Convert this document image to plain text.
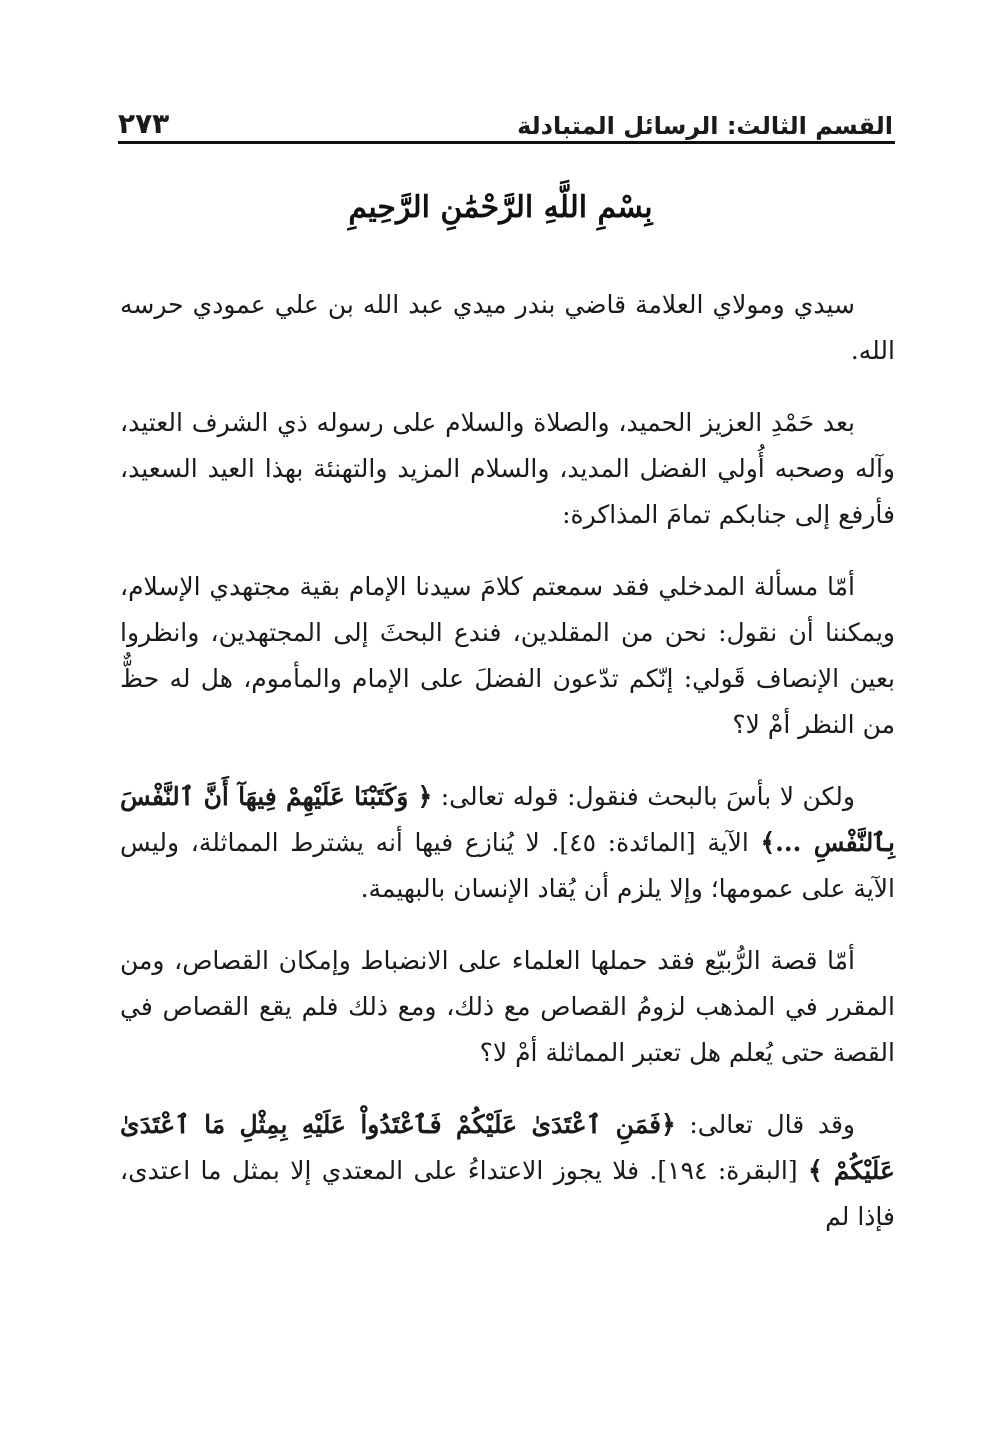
القسم الثالث: الرسائل المتبادلة
٢٧٣
بِسْمِ اللَّهِ الرَّحْمَٰنِ الرَّحِيمِ

سيدي ومولاي العلامة قاضي بندر ميدي عبد الله بن علي عمودي حرسه الله.

بعد حَمْدِ العزيز الحميد، والصلاة والسلام على رسوله ذي الشرف العتيد، وآله وصحبه أُولي الفضل المديد، والسلام المزيد والتهنئة بهذا العيد السعيد، فأرفع إلى جنابكم تمامَ المذاكرة:

أمّا مسألة المدخلي فقد سمعتم كلامَ سيدنا الإمام بقية مجتهدي الإسلام، ويمكننا أن نقول: نحن من المقلدين، فندع البحثَ إلى المجتهدين، وانظروا بعين الإنصاف قَولي: إنّكم تدّعون الفضلَ على الإمام والمأموم، هل له حظٌّ من النظر أمْ لا؟

ولكن لا بأسَ بالبحث فنقول: قوله تعالى: ﴿ وَكَتَبْنَا عَلَيْهِمْ فِيهَآ أَنَّ ٱلنَّفْسَ بِٱلنَّفْسِ ...﴾ الآية [المائدة: ٤٥]. لا يُنازع فيها أنه يشترط المماثلة، وليس الآية على عمومها؛ وإلا يلزم أن يُقاد الإنسان بالبهيمة.

أمّا قصة الرُّبيّع فقد حملها العلماء على الانضباط وإمكان القصاص، ومن المقرر في المذهب لزومُ القصاص مع ذلك، ومع ذلك فلم يقع القصاص في القصة حتى يُعلم هل تعتبر المماثلة أمْ لا؟

وقد قال تعالى: ﴿فَمَنِ ٱعْتَدَىٰ عَلَيْكُمْ فَٱعْتَدُواْ عَلَيْهِ بِمِثْلِ مَا ٱعْتَدَىٰ عَلَيْكُمْ ﴾ [البقرة: ١٩٤]. فلا يجوز الاعتداءُ على المعتدي إلا بمثل ما اعتدى، فإذا لم
